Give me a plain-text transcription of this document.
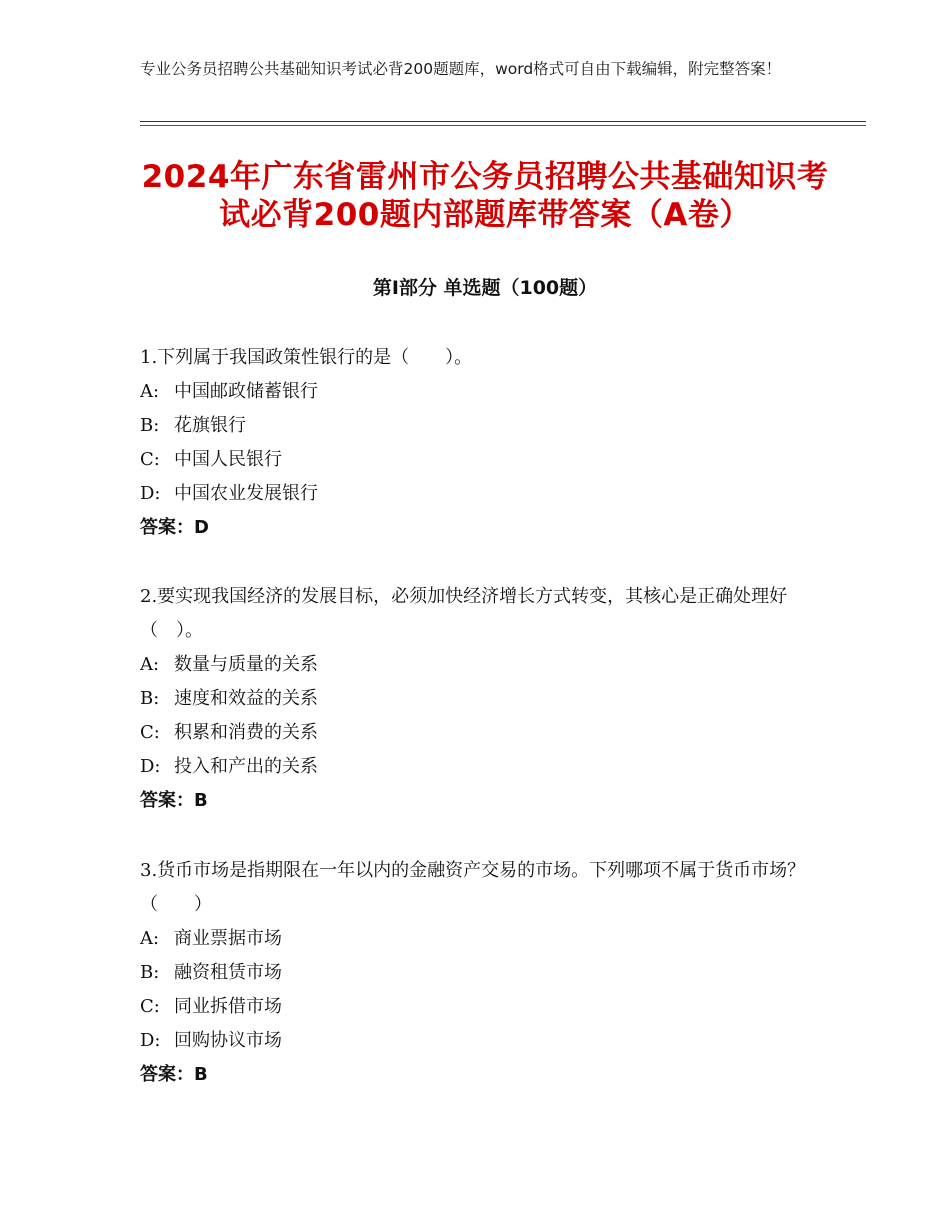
专业公务员招聘公共基础知识考试必背200题题库，word格式可自由下载编辑，附完整答案！
2024年广东省雷州市公务员招聘公共基础知识考试必背200题内部题库带答案（A卷）
第Ⅰ部分 单选题（100题）

1.下列属于我国政策性银行的是（　　）。

A: 中国邮政储蓄银行

B: 花旗银行

C: 中国人民银行

D: 中国农业发展银行

答案：D

2.要实现我国经济的发展目标，必须加快经济增长方式转变，其核心是正确处理好（　）。

A: 数量与质量的关系

B: 速度和效益的关系

C: 积累和消费的关系

D: 投入和产出的关系

答案：B

3.货币市场是指期限在一年以内的金融资产交易的市场。下列哪项不属于货币市场？（　　）

A: 商业票据市场

B: 融资租赁市场

C: 同业拆借市场

D: 回购协议市场

答案：B
